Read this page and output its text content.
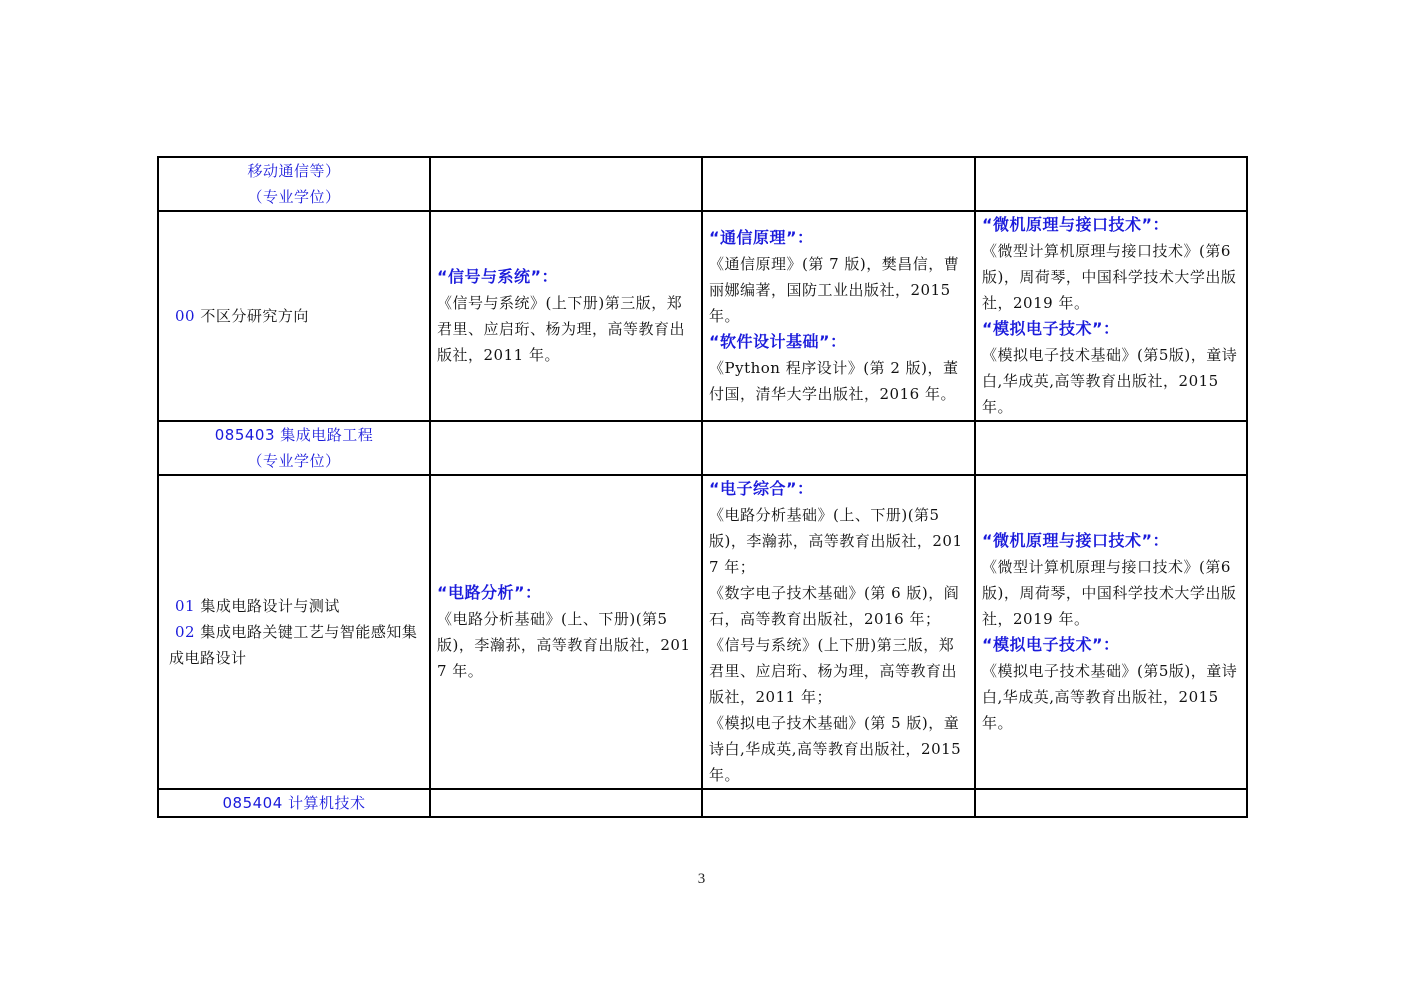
移动通信等）
（专业学位）			

00 不区分研究方向	“信号与系统”：
《信号与系统》(上下册)第三版，郑君里、应启珩、杨为理，高等教育出版社，2011 年。	“通信原理”：
《通信原理》(第 7 版)，樊昌信，曹丽娜编著，国防工业出版社，2015 年。
“软件设计基础”：
《Python 程序设计》(第 2 版)，董付国，清华大学出版社，2016 年。	“微机原理与接口技术”：
《微型计算机原理与接口技术》(第6版)，周荷琴，中国科学技术大学出版社，2019 年。
“模拟电子技术”：
《模拟电子技术基础》(第5版)，童诗白,华成英,高等教育出版社，2015 年。

085403 集成电路工程
（专业学位）			

01 集成电路设计与测试
02 集成电路关键工艺与智能感知集成电路设计	“电路分析”：
《电路分析基础》(上、下册)(第5版)，李瀚荪，高等教育出版社，2017 年。	“电子综合”：
《电路分析基础》(上、下册)(第5版)，李瀚荪，高等教育出版社，2017 年；
《数字电子技术基础》(第 6 版)，阎石，高等教育出版社，2016 年；
《信号与系统》(上下册)第三版，郑君里、应启珩、杨为理，高等教育出版社，2011 年；
《模拟电子技术基础》(第 5 版)，童诗白,华成英,高等教育出版社，2015 年。	“微机原理与接口技术”：
《微型计算机原理与接口技术》(第6版)，周荷琴，中国科学技术大学出版社，2019 年。
“模拟电子技术”：
《模拟电子技术基础》(第5版)，童诗白,华成英,高等教育出版社，2015 年。

085404 计算机技术			

3
